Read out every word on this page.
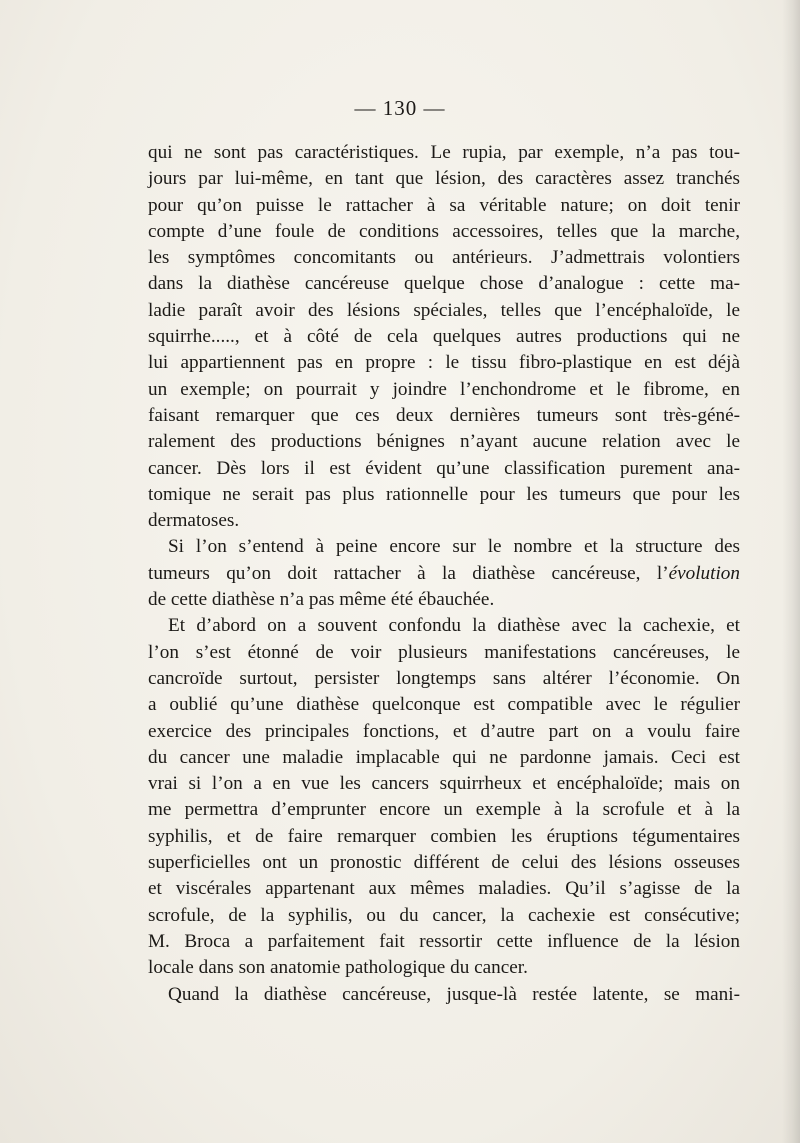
— 130 —

qui ne sont pas caractéristiques. Le rupia, par exemple, n’a pas tou-
jours par lui-même, en tant que lésion, des caractères assez tranchés
pour qu’on puisse le rattacher à sa véritable nature; on doit tenir
compte d’une foule de conditions accessoires, telles que la marche,
les symptômes concomitants ou antérieurs. J’admettrais volontiers
dans la diathèse cancéreuse quelque chose d’analogue : cette ma-
ladie paraît avoir des lésions spéciales, telles que l’encéphaloïde, le
squirrhe....., et à côté de cela quelques autres productions qui ne
lui appartiennent pas en propre : le tissu fibro-plastique en est déjà
un exemple; on pourrait y joindre l’enchondrome et le fibrome, en
faisant remarquer que ces deux dernières tumeurs sont très-géné-
ralement des productions bénignes n’ayant aucune relation avec le
cancer. Dès lors il est évident qu’une classification purement ana-
tomique ne serait pas plus rationnelle pour les tumeurs que pour les
dermatoses.

Si l’on s’entend à peine encore sur le nombre et la structure des
tumeurs qu’on doit rattacher à la diathèse cancéreuse, l’évolution
de cette diathèse n’a pas même été ébauchée.

Et d’abord on a souvent confondu la diathèse avec la cachexie, et
l’on s’est étonné de voir plusieurs manifestations cancéreuses, le
cancroïde surtout, persister longtemps sans altérer l’économie. On
a oublié qu’une diathèse quelconque est compatible avec le régulier
exercice des principales fonctions, et d’autre part on a voulu faire
du cancer une maladie implacable qui ne pardonne jamais. Ceci est
vrai si l’on a en vue les cancers squirrheux et encéphaloïde; mais on
me permettra d’emprunter encore un exemple à la scrofule et à la
syphilis, et de faire remarquer combien les éruptions tégumentaires
superficielles ont un pronostic différent de celui des lésions osseuses
et viscérales appartenant aux mêmes maladies. Qu’il s’agisse de la
scrofule, de la syphilis, ou du cancer, la cachexie est consécutive;
M. Broca a parfaitement fait ressortir cette influence de la lésion
locale dans son anatomie pathologique du cancer.

Quand la diathèse cancéreuse, jusque-là restée latente, se mani-
